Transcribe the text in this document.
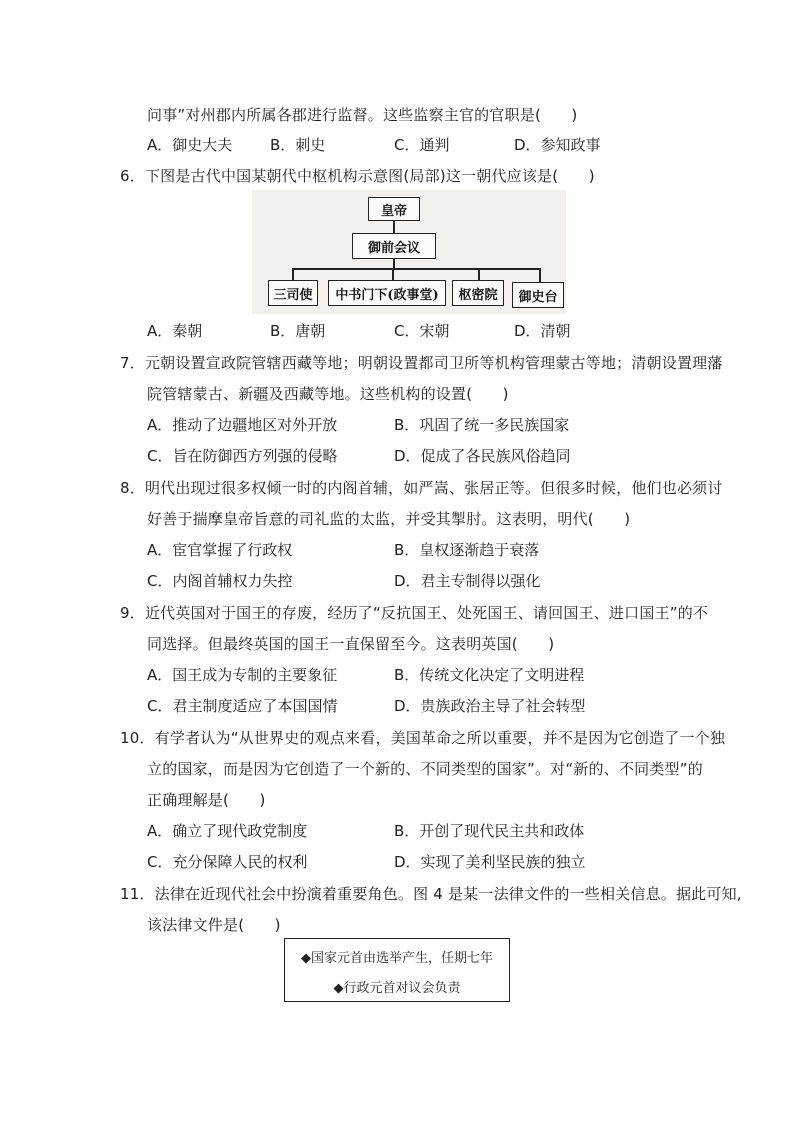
问事”对州郡内所属各郡进行监督。这些监察主官的官职是(　　)
A．御史大夫	B．刺史	C．通判	D．参知政事
6．下图是古代中国某朝代中枢机构示意图(局部)这一朝代应该是(　　)
皇帝
御前会议
三司使	中书门下(政事堂)	枢密院	御史台
A．秦朝	B．唐朝	C．宋朝	D．清朝
7．元朝设置宣政院管辖西藏等地；明朝设置都司卫所等机构管理蒙古等地；清朝设置理藩
院管辖蒙古、新疆及西藏等地。这些机构的设置(　　)
A．推动了边疆地区对外开放	B．巩固了统一多民族国家
C．旨在防御西方列强的侵略	D．促成了各民族风俗趋同
8．明代出现过很多权倾一时的内阁首辅，如严嵩、张居正等。但很多时候，他们也必须讨
好善于揣摩皇帝旨意的司礼监的太监，并受其掣肘。这表明，明代(　　)
A．宦官掌握了行政权	B．皇权逐渐趋于衰落
C．内阁首辅权力失控	D．君主专制得以强化
9．近代英国对于国王的存废，经历了“反抗国王、处死国王、请回国王、进口国王”的不
同选择。但最终英国的国王一直保留至今。这表明英国(　　)
A．国王成为专制的主要象征	B．传统文化决定了文明进程
C．君主制度适应了本国国情	D．贵族政治主导了社会转型
10．有学者认为“从世界史的观点来看，美国革命之所以重要，并不是因为它创造了一个独
立的国家，而是因为它创造了一个新的、不同类型的国家”。对“新的、不同类型”的
正确理解是(　　)
A．确立了现代政党制度	B．开创了现代民主共和政体
C．充分保障人民的权利	D．实现了美利坚民族的独立
11．法律在近现代社会中扮演着重要角色。图 4 是某一法律文件的一些相关信息。据此可知,
该法律文件是(　　)
◆国家元首由选举产生，任期七年
◆行政元首对议会负责
